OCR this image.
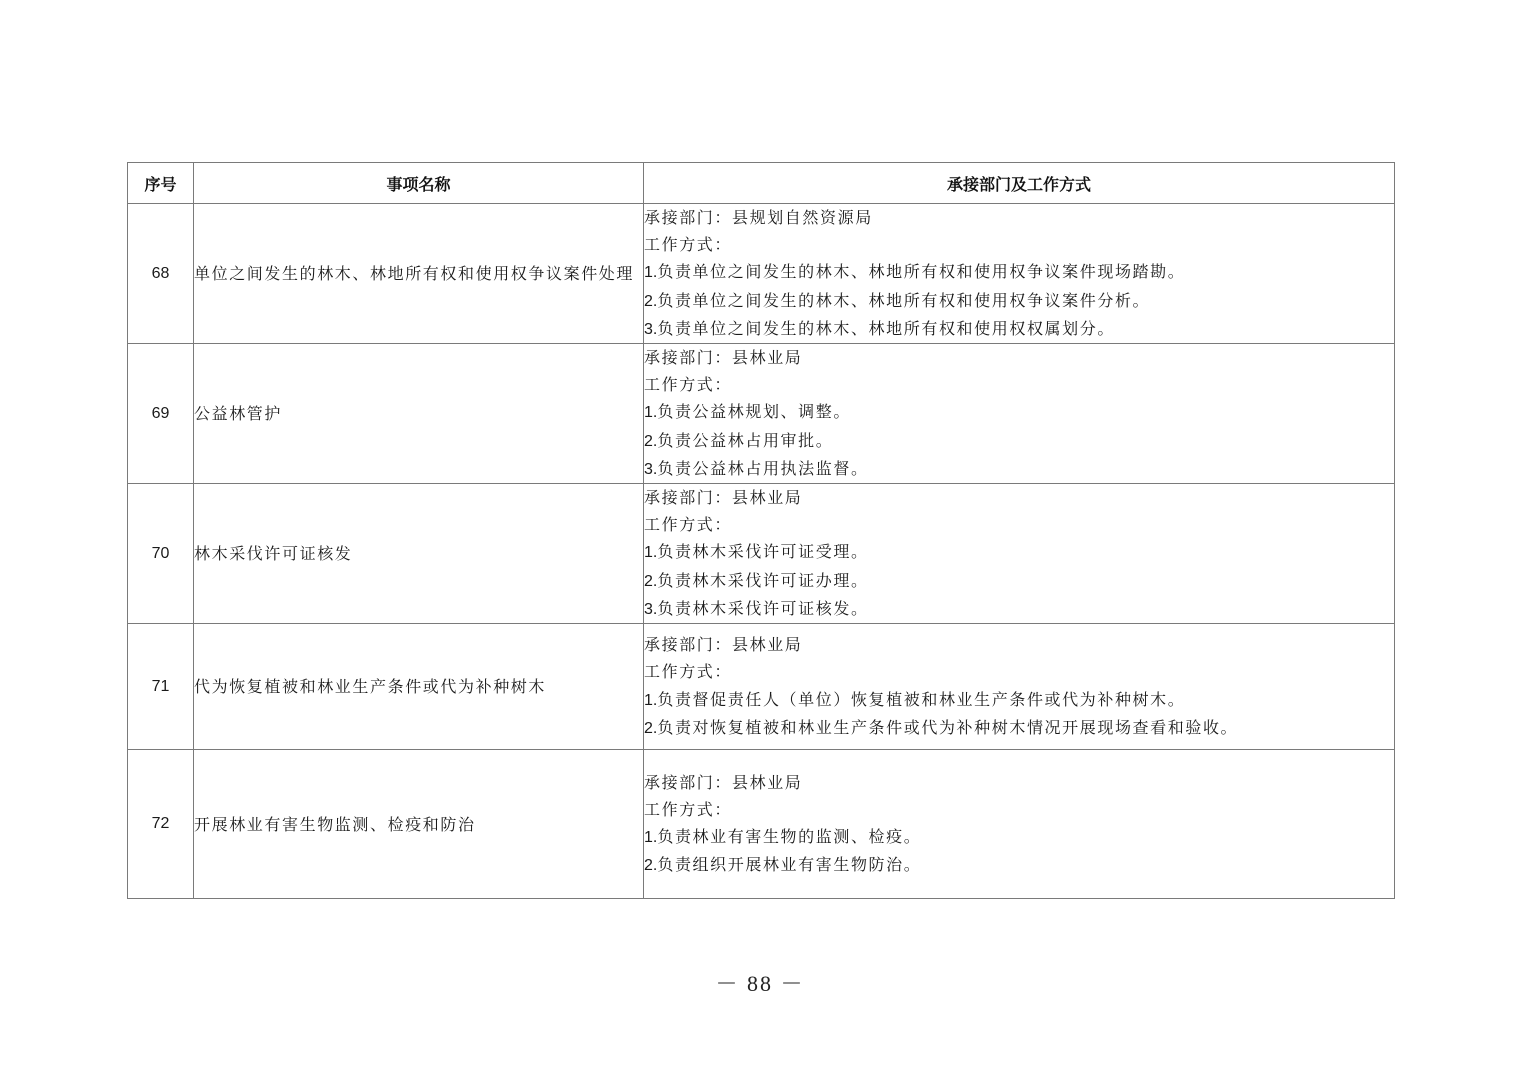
序号	事项名称	承接部门及工作方式
68	单位之间发生的林木、林地所有权和使用权争议案件处理	承接部门：县规划自然资源局
工作方式：
1.负责单位之间发生的林木、林地所有权和使用权争议案件现场踏勘。
2.负责单位之间发生的林木、林地所有权和使用权争议案件分析。
3.负责单位之间发生的林木、林地所有权和使用权权属划分。

69	公益林管护	承接部门：县林业局
工作方式：
1.负责公益林规划、调整。
2.负责公益林占用审批。
3.负责公益林占用执法监督。

70	林木采伐许可证核发	承接部门：县林业局
工作方式：
1.负责林木采伐许可证受理。
2.负责林木采伐许可证办理。
3.负责林木采伐许可证核发。

71	代为恢复植被和林业生产条件或代为补种树木	承接部门：县林业局
工作方式：
1.负责督促责任人（单位）恢复植被和林业生产条件或代为补种树木。
2.负责对恢复植被和林业生产条件或代为补种树木情况开展现场查看和验收。

72	开展林业有害生物监测、检疫和防治	承接部门：县林业局
工作方式：
1.负责林业有害生物的监测、检疫。
2.负责组织开展林业有害生物防治。
－ 88 －
